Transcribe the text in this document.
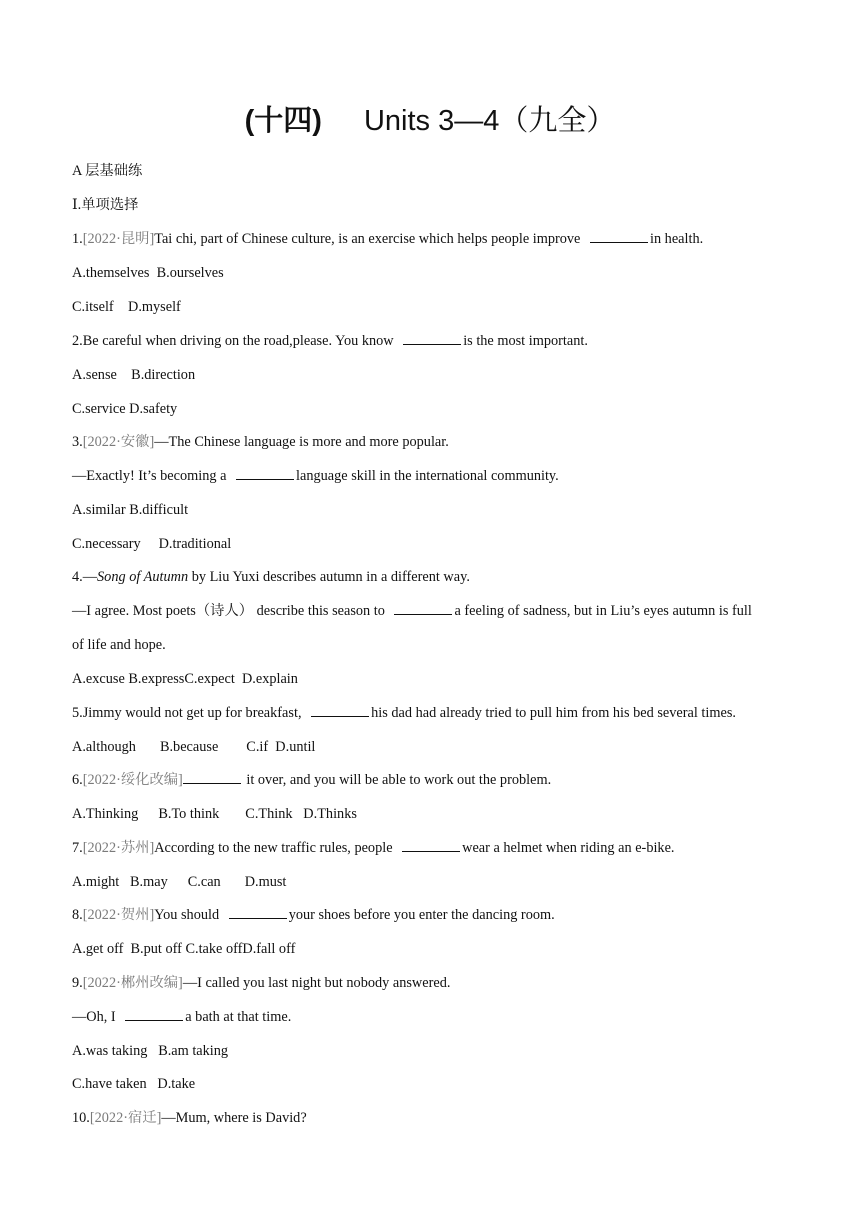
(十四) Units 3—4（九全）
A 层基础练
Ⅰ.单项选择
1.[2022·昆明]Tai chi, part of Chinese culture, is an exercise which helps people improve	in health.
A.themselves B.ourselves
C.itself D.myself
2.Be careful when driving on the road,please. You know	is the most important.
A.sense B.direction
C.service D.safety
3.[2022·安徽]—The Chinese language is more and more popular.
—Exactly! It’s becoming a	language skill in the international community.
A.similar B.difficult
C.necessary D.traditional
4.—Song of Autumn by Liu Yuxi describes autumn in a different way.
—I agree. Most poets（诗人） describe this season to	a feeling of sadness, but in Liu’s eyes autumn is full
of life and hope.
A.excuse B.expressC.expect D.explain
5.Jimmy would not get up for breakfast,	his dad had already tried to pull him from his bed several times.
A.although B.because C.if D.until
6.[2022·绥化改编]	it over, and you will be able to work out the problem.
A.Thinking B.To think C.Think D.Thinks
7.[2022·苏州]According to the new traffic rules, people	wear a helmet when riding an e-bike.
A.might B.may C.can D.must
8.[2022·贺州]You should	your shoes before you enter the dancing room.
A.get off B.put off C.take offD.fall off
9.[2022·郴州改编]—I called you last night but nobody answered.
—Oh, I	a bath at that time.
A.was taking B.am taking
C.have taken D.take
10.[2022·宿迁]—Mum, where is David?
